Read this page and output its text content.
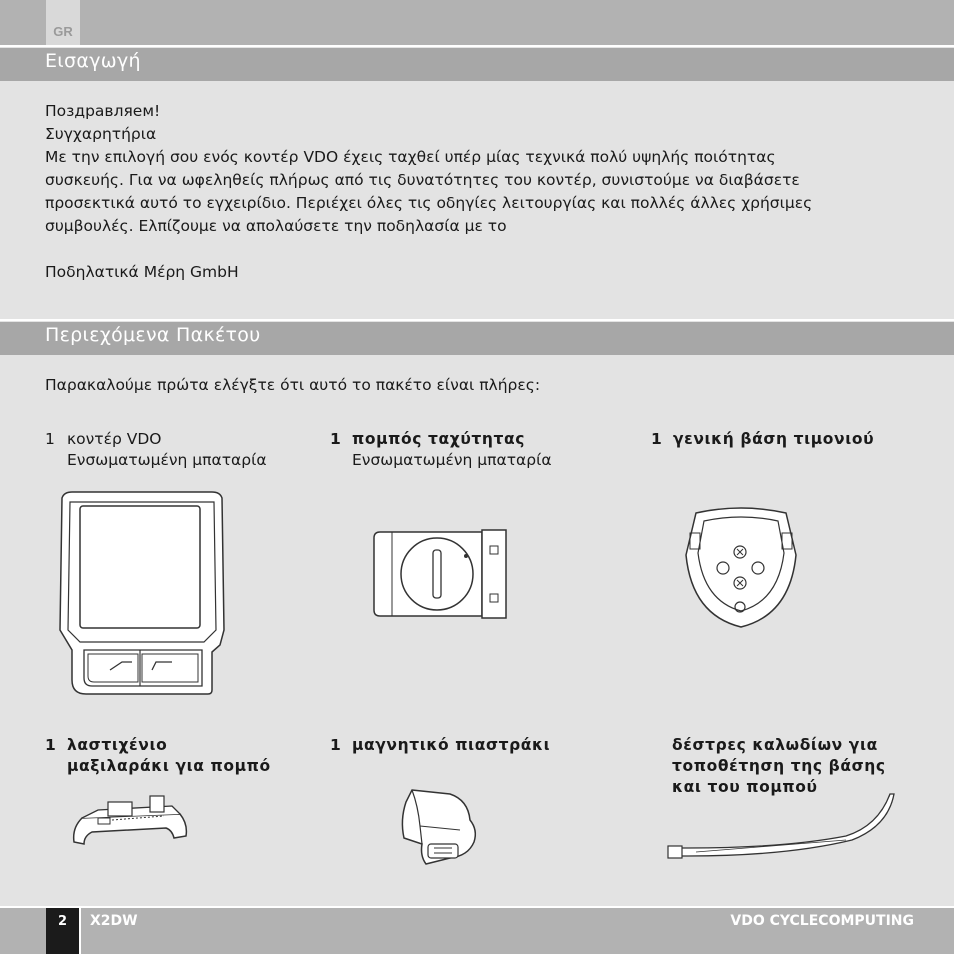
GR
Εισαγωγή
Поздравляем!
Συγχαρητήρια
Με την επιλογή σου ενός κοντέρ VDO έχεις ταχθεί υπέρ μίας τεχνικά πολύ υψηλής ποιότητας
συσκευής. Για να ωφεληθείς πλήρως από τις δυνατότητες του κοντέρ, συνιστούμε να διαβάσετε
προσεκτικά αυτό το εγχειρίδιο. Περιέχει όλες τις οδηγίες λειτουργίας και πολλές άλλες χρήσιμες
συμβουλές. Ελπίζουμε να απολαύσετε την ποδηλασία με το
Ποδηλατικά Μέρη GmbH
Περιεχόμενα Πακέτου
Παρακαλούμε πρώτα ελέγξτε ότι αυτό το πακέτο είναι πλήρες:
1 κοντέρ VDO
Ενσωματωμένη μπαταρία
1 πομπός ταχύτητας
Ενσωματωμένη μπαταρία
1 γενική βάση τιμονιού
1 λαστιχένιο
μαξιλαράκι για πομπό
1 μαγνητικό πιαστράκι	δέστρες καλωδίων για
τοποθέτηση της βάσης
και του πομπού
2	X2DW	VDO CYCLECOMPUTING
